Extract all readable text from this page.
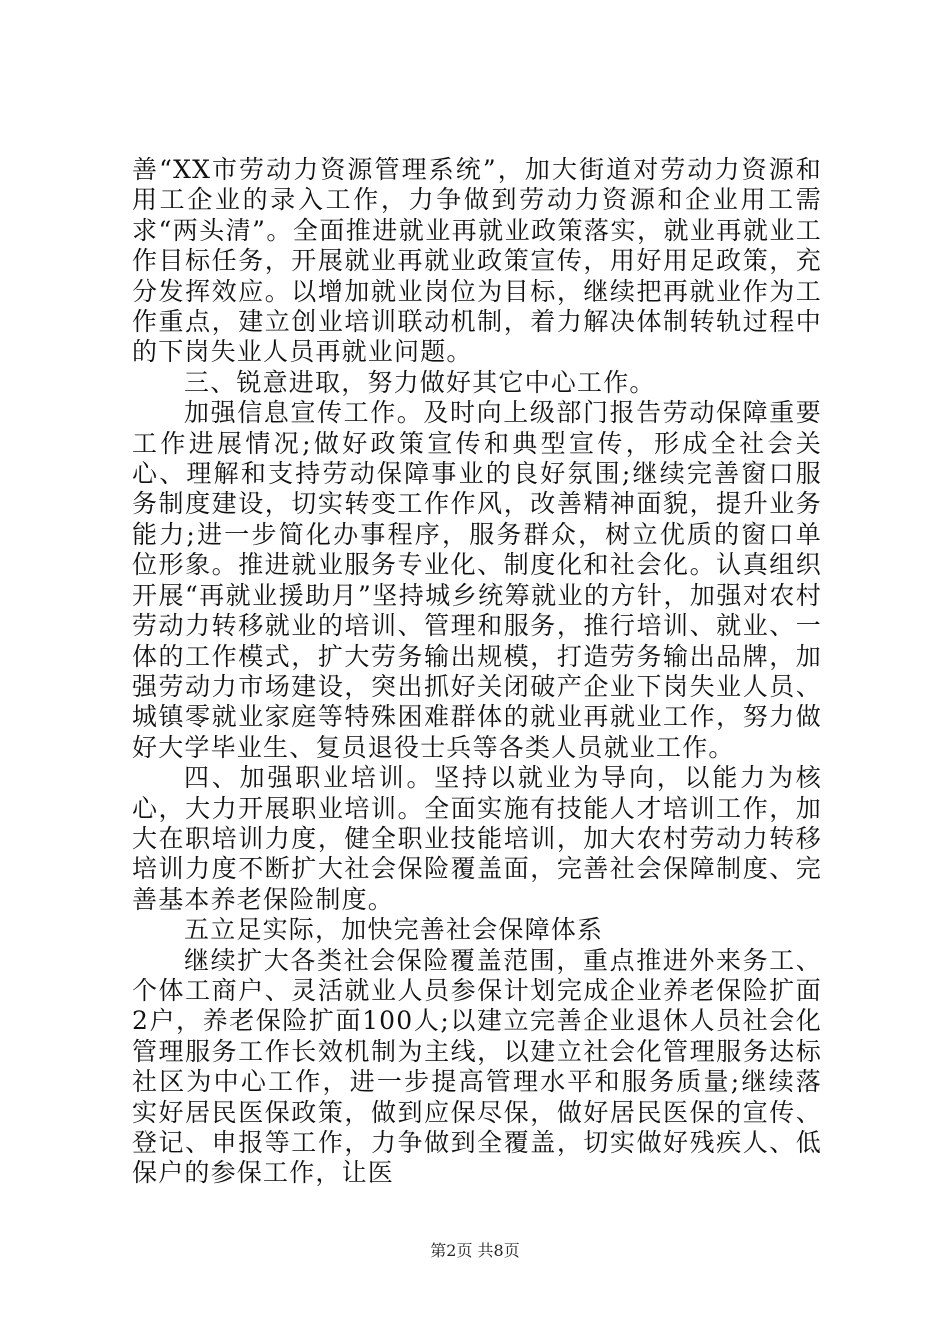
善“XX市劳动力资源管理系统”，加大街道对劳动力资源和用工企业的录入工作，力争做到劳动力资源和企业用工需求“两头清”。全面推进就业再就业政策落实，就业再就业工作目标任务，开展就业再就业政策宣传，用好用足政策，充分发挥效应。以增加就业岗位为目标，继续把再就业作为工作重点，建立创业培训联动机制，着力解决体制转轨过程中的下岗失业人员再就业问题。

三、锐意进取，努力做好其它中心工作。

加强信息宣传工作。及时向上级部门报告劳动保障重要工作进展情况;做好政策宣传和典型宣传，形成全社会关心、理解和支持劳动保障事业的良好氛围;继续完善窗口服务制度建设，切实转变工作作风，改善精神面貌，提升业务能力;进一步简化办事程序，服务群众，树立优质的窗口单位形象。推进就业服务专业化、制度化和社会化。认真组织开展“再就业援助月”坚持城乡统筹就业的方针，加强对农村劳动力转移就业的培训、管理和服务，推行培训、就业、一体的工作模式，扩大劳务输出规模，打造劳务输出品牌，加强劳动力市场建设，突出抓好关闭破产企业下岗失业人员、城镇零就业家庭等特殊困难群体的就业再就业工作，努力做好大学毕业生、复员退役士兵等各类人员就业工作。

四、加强职业培训。坚持以就业为导向，以能力为核心，大力开展职业培训。全面实施有技能人才培训工作，加大在职培训力度，健全职业技能培训，加大农村劳动力转移培训力度不断扩大社会保险覆盖面，完善社会保障制度、完善基本养老保险制度。

五立足实际，加快完善社会保障体系

继续扩大各类社会保险覆盖范围，重点推进外来务工、个体工商户、灵活就业人员参保计划完成企业养老保险扩面2户，养老保险扩面100人;以建立完善企业退休人员社会化管理服务工作长效机制为主线，以建立社会化管理服务达标社区为中心工作，进一步提高管理水平和服务质量;继续落实好居民医保政策，做到应保尽保，做好居民医保的宣传、登记、申报等工作，力争做到全覆盖，切实做好残疾人、低保户的参保工作，让医

第2页 共8页
